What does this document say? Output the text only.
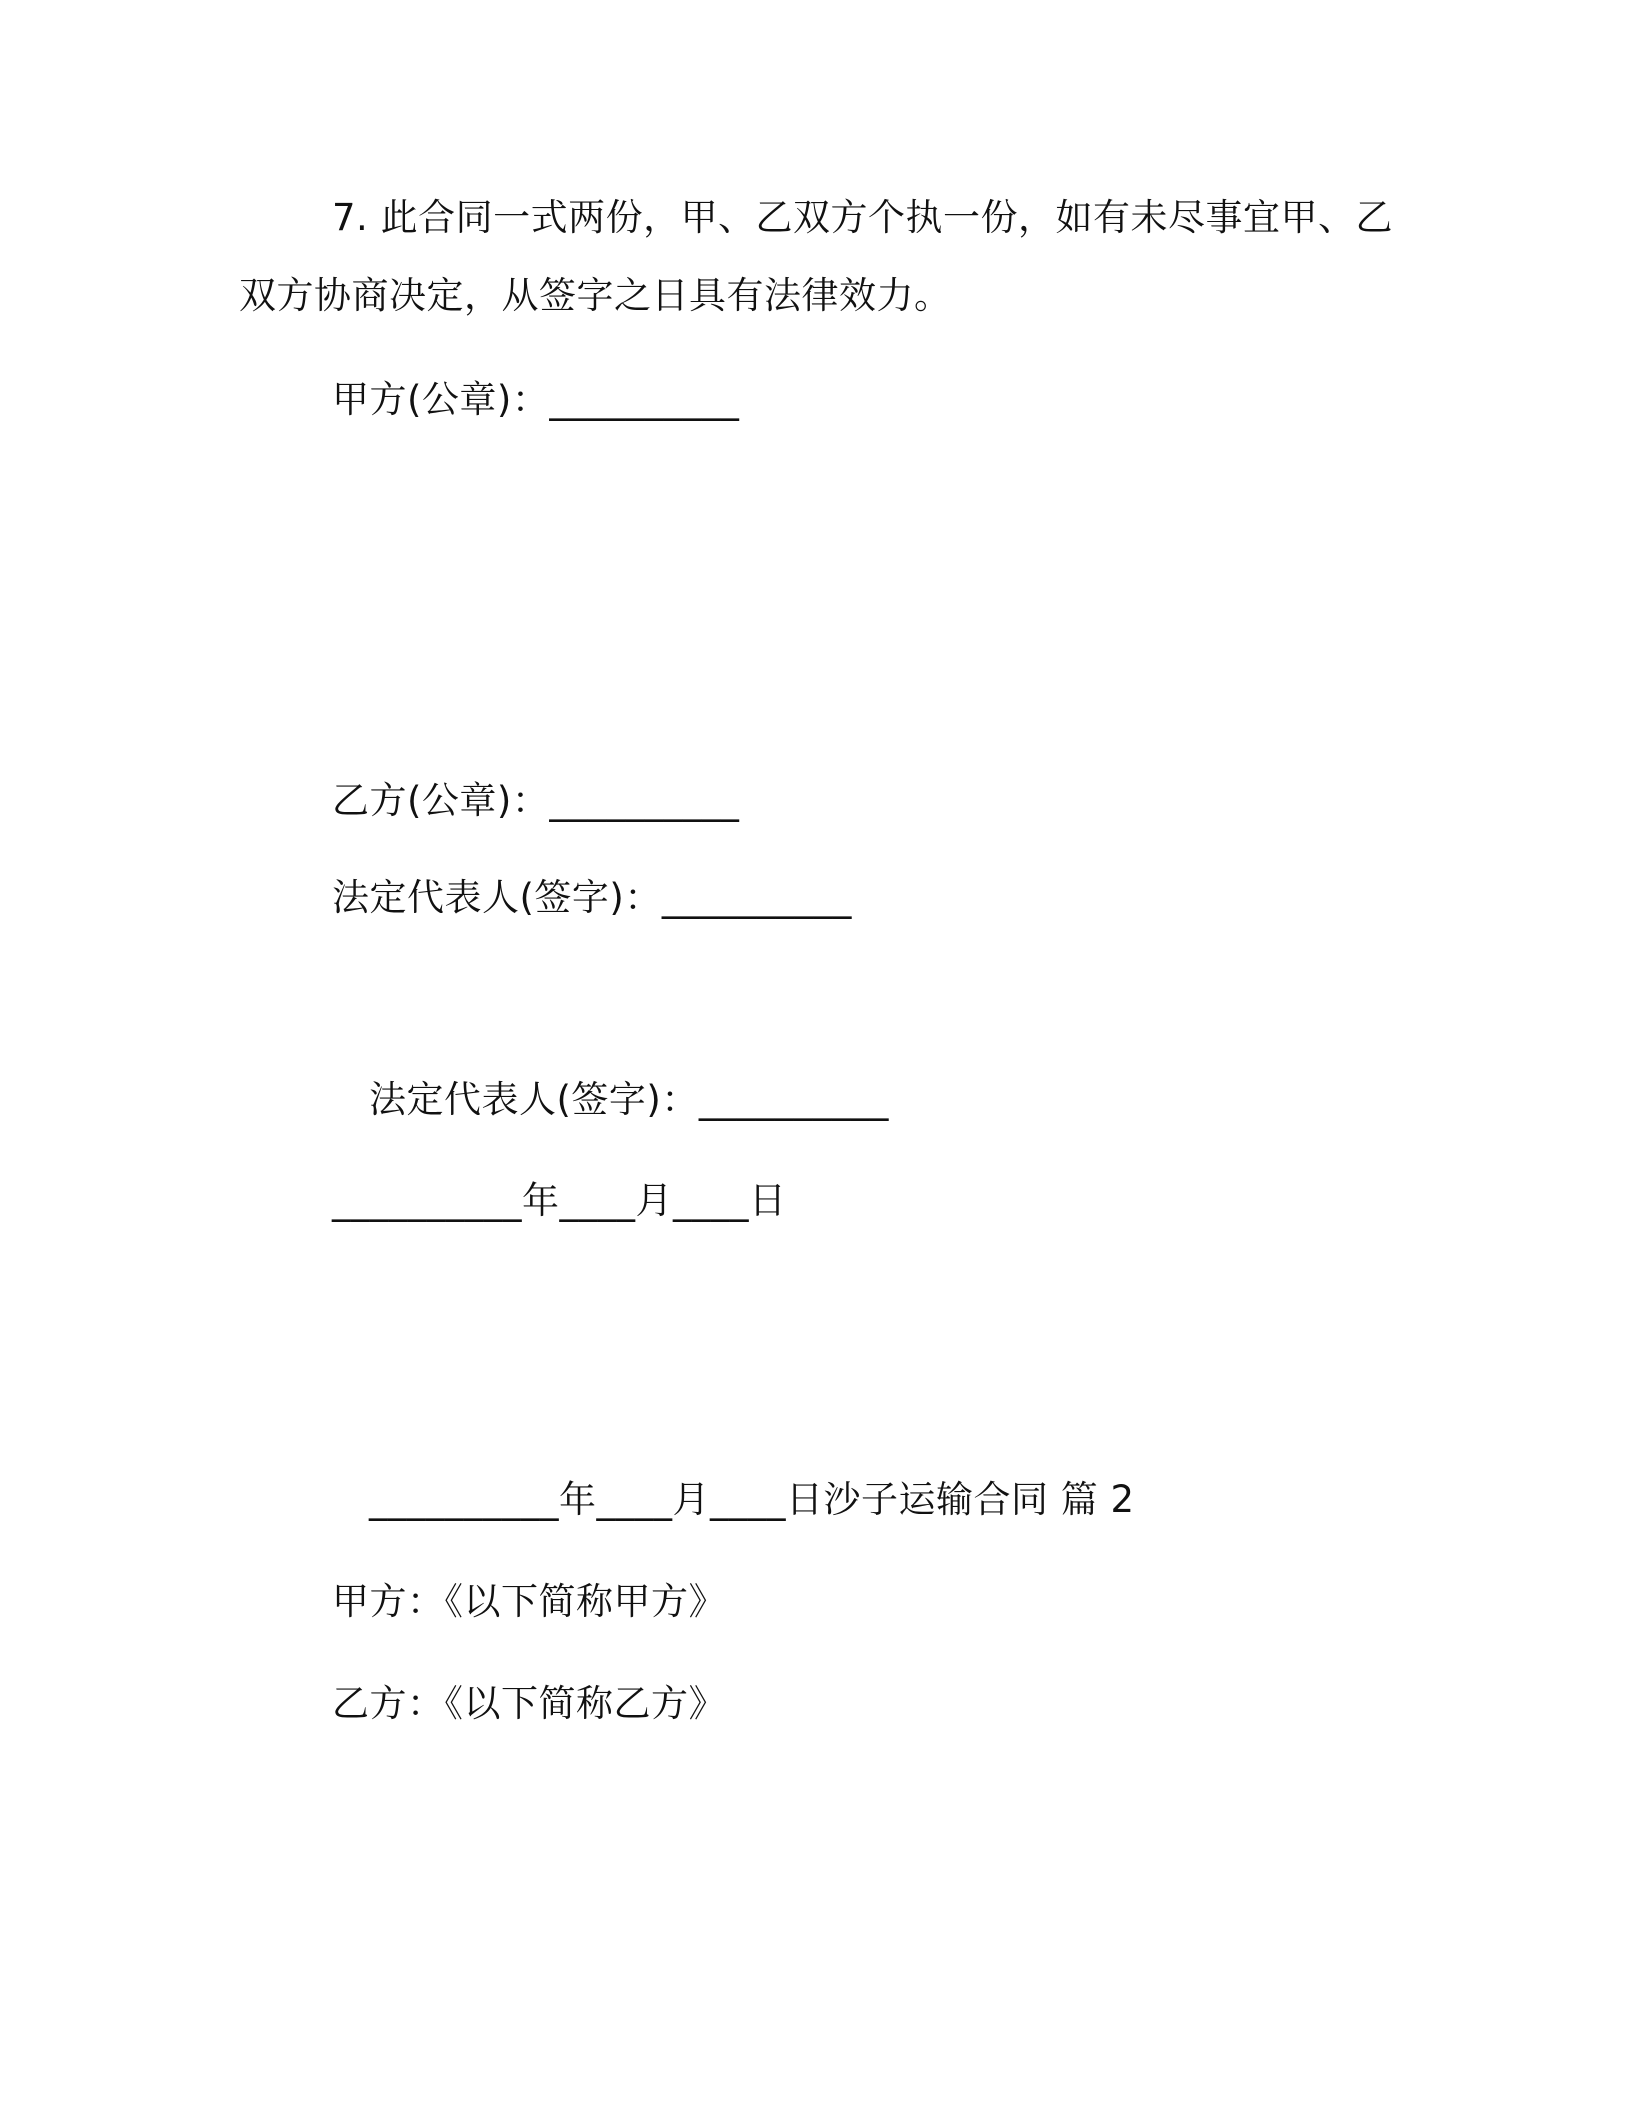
7. 此合同一式两份，甲、乙双方个执一份，如有未尽事宜甲、乙
双方协商决定，从签字之日具有法律效力。
甲方(公章)：__________
乙方(公章)：__________
法定代表人(签字)：__________
法定代表人(签字)：__________
__________年____月____日
__________年____月____日沙子运输合同 篇 2
甲方：《以下简称甲方》
乙方：《以下简称乙方》
